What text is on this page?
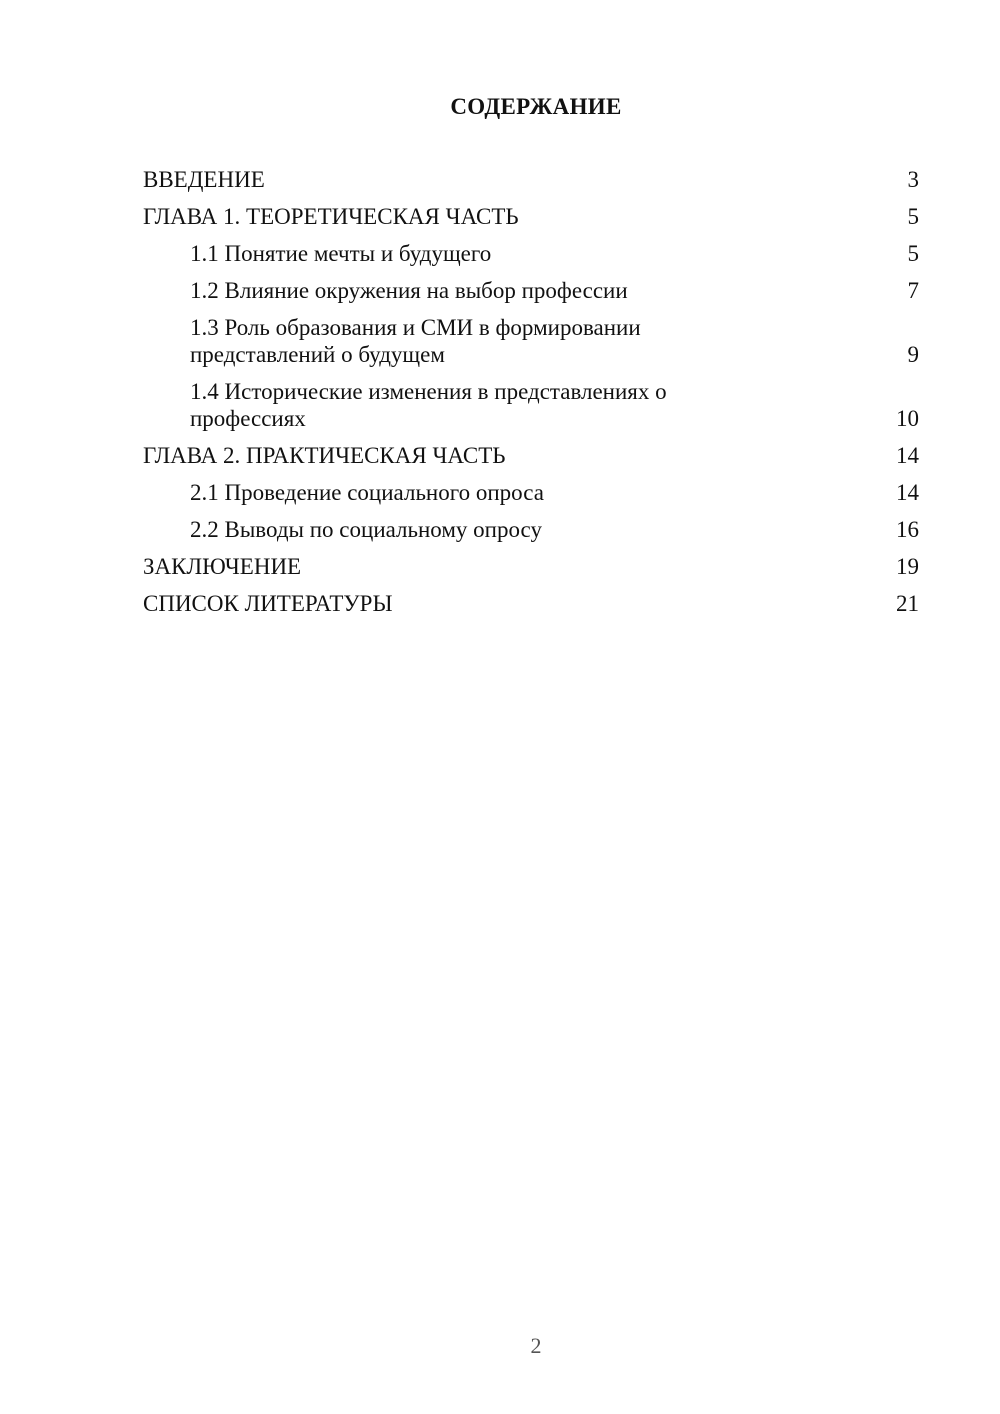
СОДЕРЖАНИЕ
ВВЕДЕНИЕ	3
ГЛАВА 1. ТЕОРЕТИЧЕСКАЯ ЧАСТЬ	5
1.1 Понятие мечты и будущего	5
1.2 Влияние окружения на выбор профессии	7
1.3 Роль образования и СМИ в формировании представлений о будущем	9
1.4 Исторические изменения в представлениях о профессиях	10
ГЛАВА 2. ПРАКТИЧЕСКАЯ ЧАСТЬ	14
2.1 Проведение социального опроса	14
2.2 Выводы по социальному опросу	16
ЗАКЛЮЧЕНИЕ	19
СПИСОК ЛИТЕРАТУРЫ	21
2
